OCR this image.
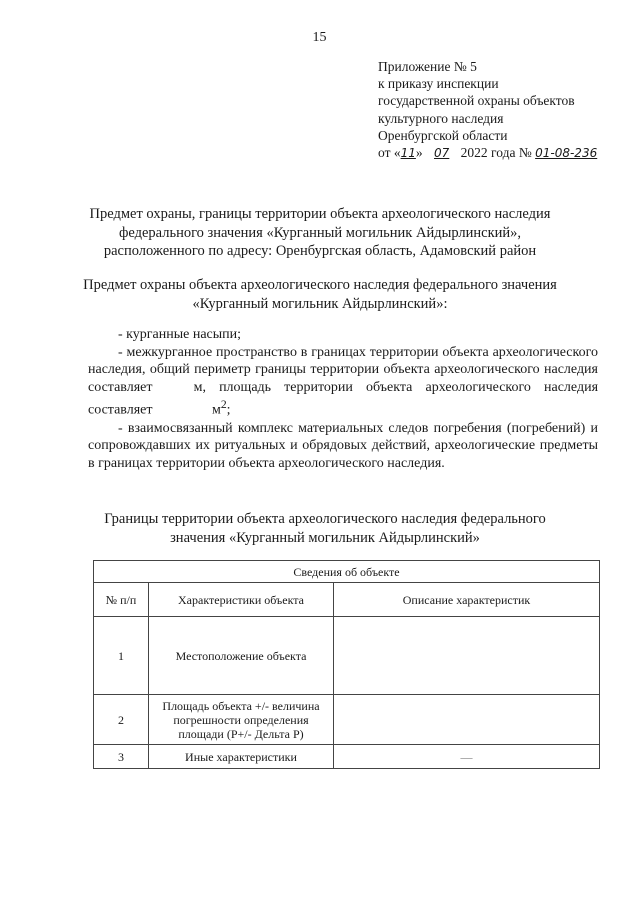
15
Приложение № 5
к приказу инспекции
государственной охраны объектов
культурного наследия
Оренбургской области
от «11» 07 2022 года № 01-08-236
Предмет охраны, границы территории объекта археологического наследия
федерального значения «Курганный могильник Айдырлинский»,
расположенного по адресу: Оренбургская область, Адамовский район
Предмет охраны объекта археологического наследия федерального значения
«Курганный могильник Айдырлинский»:

- курганные насыпи;

- межкурганное пространство в границах территории объекта археологического наследия, общий периметр границы территории объекта археологического наследия составляет	м, площадь территории объекта археологического наследия составляет	$м^2$;

- взаимосвязанный комплекс материальных следов погребения (погребений) и сопровождавших их ритуальных и обрядовых действий, археологические предметы в границах территории объекта археологического наследия.

Границы территории объекта археологического наследия федерального
значения «Курганный могильник Айдырлинский»
Сведения об объекте		
№ п/п	Характеристики объекта	Описание характеристик
1	Местоположение объекта	
2	Площадь объекта +/- величина погрешности определения площади (Р+/- Дельта Р)	
3	Иные характеристики	—
